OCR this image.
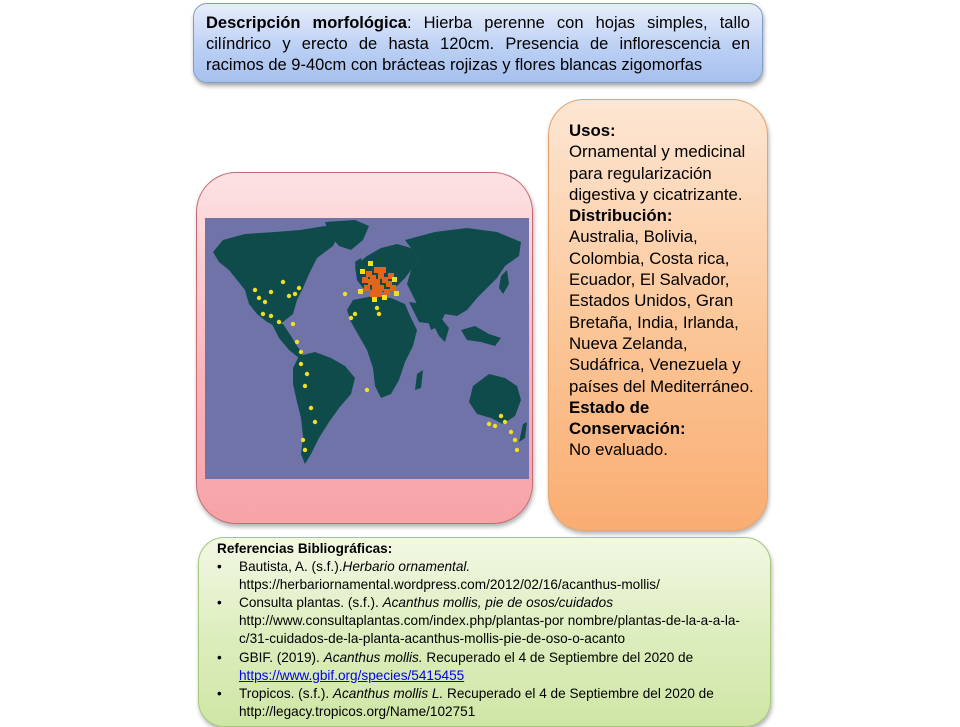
Descripción morfológica: Hierba perenne con hojas simples, tallo cilíndrico y erecto de hasta 120cm. Presencia de inflorescencia en racimos de 9-40cm con brácteas rojizas y flores blancas zigomorfas
Usos:
Ornamental y medicinal para regularización digestiva y cicatrizante.
Distribución:
Australia, Bolivia, Colombia, Costa rica, Ecuador, El Salvador, Estados Unidos, Gran Bretaña, India, Irlanda, Nueva Zelanda, Sudáfrica, Venezuela y países del Mediterráneo.
Estado de Conservación:
No evaluado.
Referencias Bibliográficas:
• Bautista, A. (s.f.).Herbario ornamental. https://herbariornamental.wordpress.com/2012/02/16/acanthus-mollis/
• Consulta plantas. (s.f.). Acanthus mollis, pie de osos/cuidados http://www.consultaplantas.com/index.php/plantas-por nombre/plantas-de-la-a-a-la-c/31-cuidados-de-la-planta-acanthus-mollis-pie-de-oso-o-acanto
• GBIF. (2019). Acanthus mollis. Recuperado el 4 de Septiembre del 2020 de https://www.gbif.org/species/5415455
• Tropicos. (s.f.). Acanthus mollis L. Recuperado el 4 de Septiembre del 2020 de http://legacy.tropicos.org/Name/102751
